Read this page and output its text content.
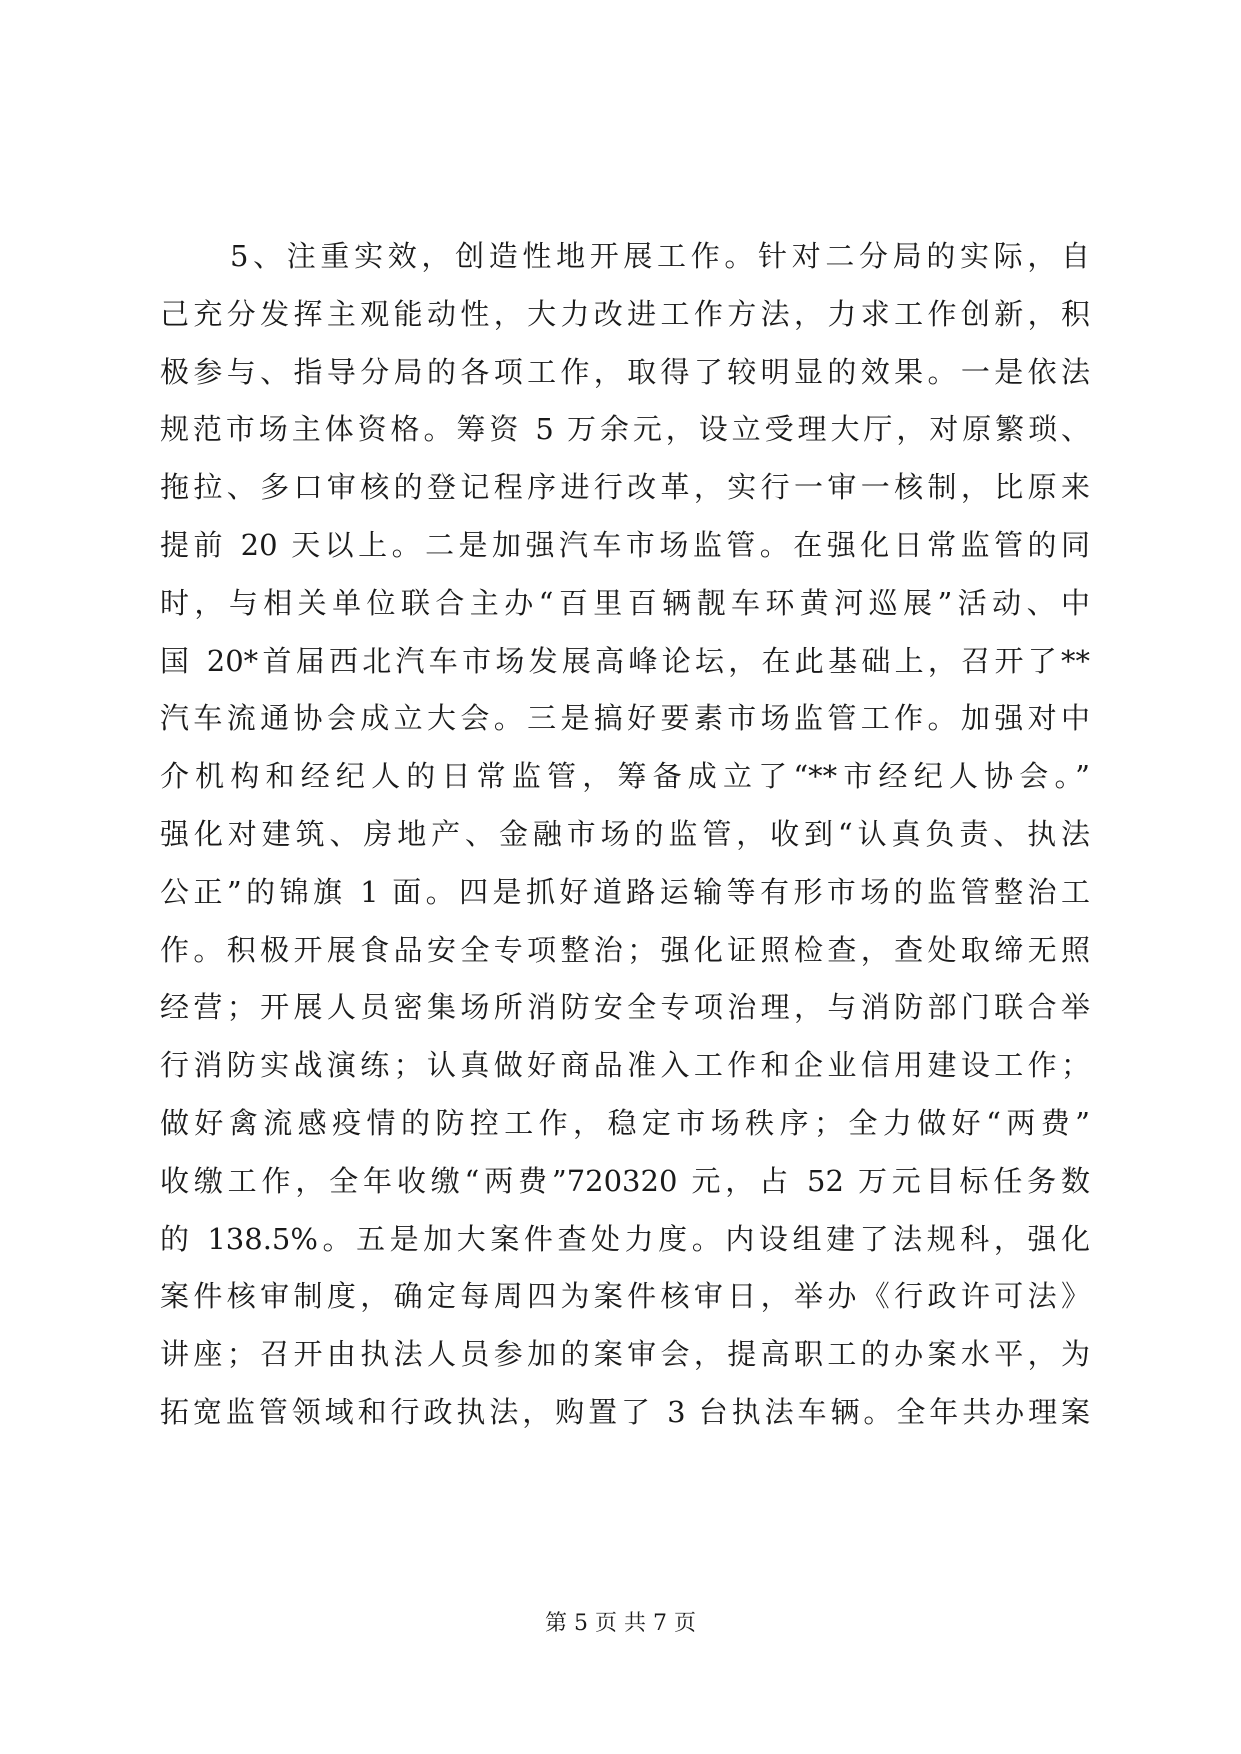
5、注重实效，创造性地开展工作。针对二分局的实际，自
己充分发挥主观能动性，大力改进工作方法，力求工作创新，积
极参与、指导分局的各项工作，取得了较明显的效果。一是依法
规范市场主体资格。筹资 5 万余元，设立受理大厅，对原繁琐、
拖拉、多口审核的登记程序进行改革，实行一审一核制，比原来
提前 20 天以上。二是加强汽车市场监管。在强化日常监管的同
时，与相关单位联合主办“百里百辆靓车环黄河巡展”活动、中
国 20*首届西北汽车市场发展高峰论坛，在此基础上，召开了**
汽车流通协会成立大会。三是搞好要素市场监管工作。加强对中
介机构和经纪人的日常监管，筹备成立了“**市经纪人协会。”
强化对建筑、房地产、金融市场的监管，收到“认真负责、执法
公正”的锦旗 1 面。四是抓好道路运输等有形市场的监管整治工
作。积极开展食品安全专项整治；强化证照检查，查处取缔无照
经营；开展人员密集场所消防安全专项治理，与消防部门联合举
行消防实战演练；认真做好商品准入工作和企业信用建设工作；
做好禽流感疫情的防控工作，稳定市场秩序；全力做好“两费”
收缴工作，全年收缴“两费”720320 元，占 52 万元目标任务数
的 138.5%。五是加大案件查处力度。内设组建了法规科，强化
案件核审制度，确定每周四为案件核审日，举办《行政许可法》
讲座；召开由执法人员参加的案审会，提高职工的办案水平，为
拓宽监管领域和行政执法，购置了 3 台执法车辆。全年共办理案
第 5 页 共 7 页
